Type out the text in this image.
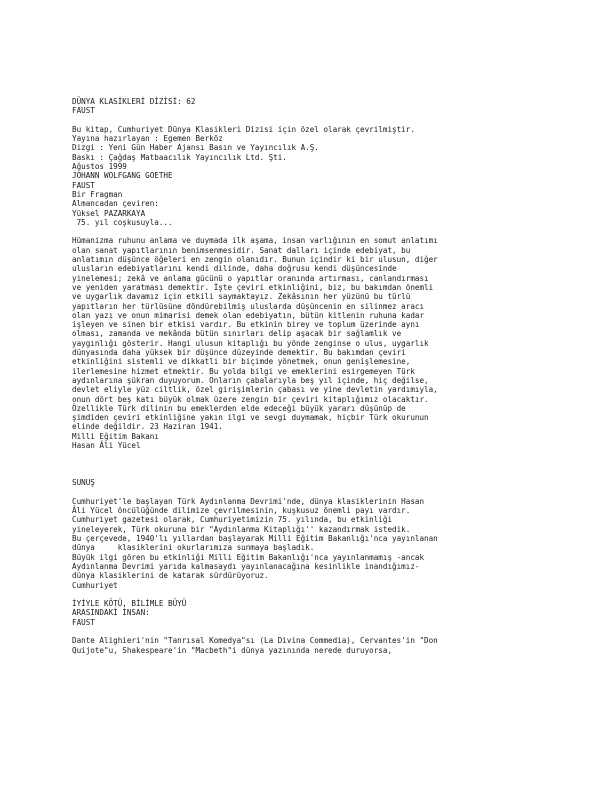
DÜNYA KLASİKLERİ DİZİSİ: 62
FAUST
Bu kitap, Cumhuriyet Dünya Klasikleri Dizisi için özel olarak çevrilmiştir.
Yayına hazırlayan : Egemen Berköz
Dizgi : Yeni Gün Haber Ajansı Basın ve Yayıncılık A.Ş.
Baskı : Çağdaş Matbaacılık Yayıncılık Ltd. Şti.
Ağustos 1999
JOHANN WOLFGANG GOETHE
FAUST
Bir Fragman
Almancadan çeviren:
Yüksel PAZARKAYA
75. yıl coşkusuyla...
Hümanizma ruhunu anlama ve duymada ilk aşama, insan varlığının en somut anlatımı
olan sanat yapıtlarının benimsenmesidir. Sanat dalları içinde edebiyat, bu
anlatımın düşünce öğeleri en zengin olanıdır. Bunun içindir ki bir ulusun, diğer
ulusların edebiyatlarını kendi dilinde, daha doğrusu kendi düşüncesinde
yinelemesi; zekâ ve anlama gücünü o yapıtlar oranında artırması, canlandırması
ve yeniden yaratması demektir. İşte çeviri etkinliğini, biz, bu bakımdan önemli
ve uygarlık davamız için etkili saymaktayız. Zekâsının her yüzünü bu türlü
yapıtların her türlüsüne döndürebilmiş uluslarda düşüncenin en silinmez aracı
olan yazı ve onun mimarisi demek olan edebiyatın, bütün kitlenin ruhuna kadar
işleyen ve sinen bir etkisi vardır. Bu etkinin birey ve toplum üzerinde aynı
olması, zamanda ve mekânda bütün sınırları delip aşacak bir sağlamlık ve
yaygınlığı gösterir. Hangi ulusun kitaplığı bu yönde zenginse o ulus, uygarlık
dünyasında daha yüksek bir düşünce düzeyinde demektir. Bu bakımdan çeviri
etkinliğini sistemli ve dikkatli bir biçimde yönetmek, onun genişlemesine,
ilerlemesine hizmet etmektir. Bu yolda bilgi ve emeklerini esirgemeyen Türk
aydınlarına şükran duyuyorum. Onların çabalarıyla beş yıl içinde, hiç değilse,
devlet eliyle yüz ciltlik, özel girişimlerin çabası ve yine devletin yardımıyla,
onun dört beş katı büyük olmak üzere zengin bir çeviri kitaplığımız olacaktır.
Özellikle Türk dilinin bu emeklerden elde edeceği büyük yararı düşünüp de
şimdiden çeviri etkinliğine yakın ilgi ve sevgi duymamak, hiçbir Türk okurunun
elinde değildir. 23 Haziran 1941.
Milli Eğitim Bakanı
Hasan Âli Yücel
SUNUŞ
Cumhuriyet'le başlayan Türk Aydınlanma Devrimi'nde, dünya klasiklerinin Hasan
Âli Yücel öncülüğünde dilimize çevrilmesinin, kuşkusuz önemli payı vardır.
Cumhuriyet gazetesi olarak, Cumhuriyetimizin 75. yılında, bu etkinliği
yineleyerek, Türk okuruna bir "Aydınlanma Kitaplığı'' kazandırmak istedik.
Bu çerçevede, 1940'lı yıllardan başlayarak Milli Eğitim Bakanlığı'nca yayınlanan
dünya     klasiklerini okurlarımıza sunmaya başladık.
Büyük ilgi gören bu etkinliği Milli Eğitim Bakanlığı'nca yayınlanmamış -ancak
Aydınlanma Devrimi yarıda kalmasaydı yayınlanacağına kesinlikle inandığımız-
dünya klasiklerini de katarak sürdürüyoruz.
Cumhuriyet
İYİYLE KÖTÜ, BİLİMLE BÜYÜ
ARASINDAKİ İNSAN:
FAUST
Dante Alighieri'nin "Tanrısal Komedya"sı (La Divina Commedia), Cervantes'in "Don
Quijote"u, Shakespeare'in "Macbeth"i dünya yazınında nerede duruyorsa,
